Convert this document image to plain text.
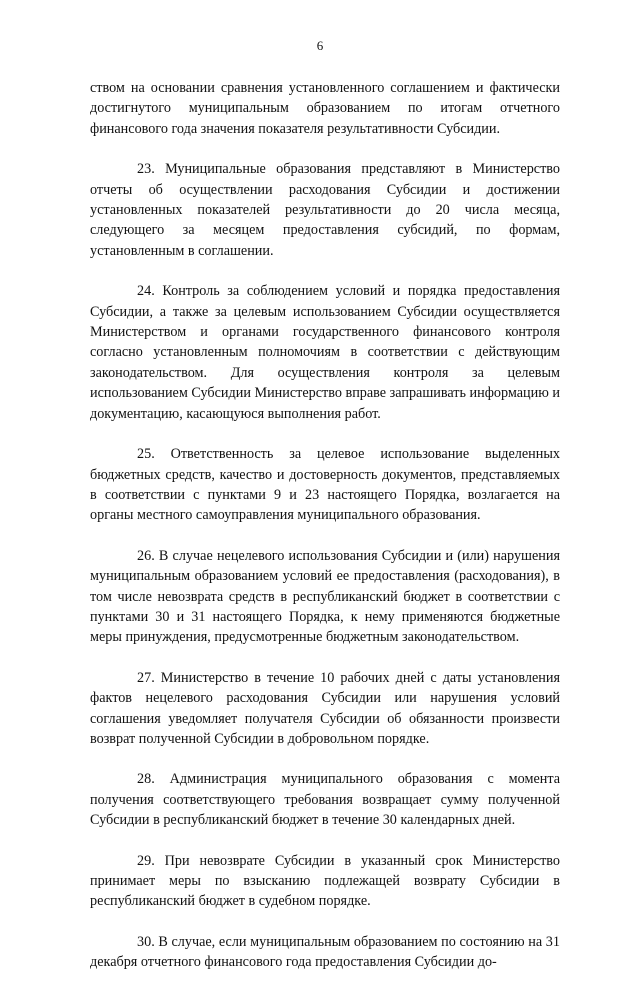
6

ством на основании сравнения установленного соглашением и фактически достигнутого муниципальным образованием по итогам отчетного финансового года значения показателя результативности Субсидии.

23. Муниципальные образования представляют в Министерство отчеты об осуществлении расходования Субсидии и достижении установленных показателей результативности до 20 числа месяца, следующего за месяцем предоставления субсидий, по формам, установленным в соглашении.

24. Контроль за соблюдением условий и порядка предоставления Субсидии, а также за целевым использованием Субсидии осуществляется Министерством и органами государственного финансового контроля согласно установленным полномочиям в соответствии с действующим законодательством. Для осуществления контроля за целевым использованием Субсидии Министерство вправе запрашивать информацию и документацию, касающуюся выполнения работ.

25. Ответственность за целевое использование выделенных бюджетных средств, качество и достоверность документов, представляемых в соответствии с пунктами 9 и 23 настоящего Порядка, возлагается на органы местного самоуправления муниципального образования.

26. В случае нецелевого использования Субсидии и (или) нарушения муниципальным образованием условий ее предоставления (расходования), в том числе невозврата средств в республиканский бюджет в соответствии с пунктами 30 и 31 настоящего Порядка, к нему применяются бюджетные меры принуждения, предусмотренные бюджетным законодательством.

27. Министерство в течение 10 рабочих дней с даты установления фактов нецелевого расходования Субсидии или нарушения условий соглашения уведомляет получателя Субсидии об обязанности произвести возврат полученной Субсидии в добровольном порядке.

28. Администрация муниципального образования с момента получения соответствующего требования возвращает сумму полученной Субсидии в республиканский бюджет в течение 30 календарных дней.

29. При невозврате Субсидии в указанный срок Министерство принимает меры по взысканию подлежащей возврату Субсидии в республиканский бюджет в судебном порядке.

30. В случае, если муниципальным образованием по состоянию на 31 декабря отчетного финансового года предоставления Субсидии до-
